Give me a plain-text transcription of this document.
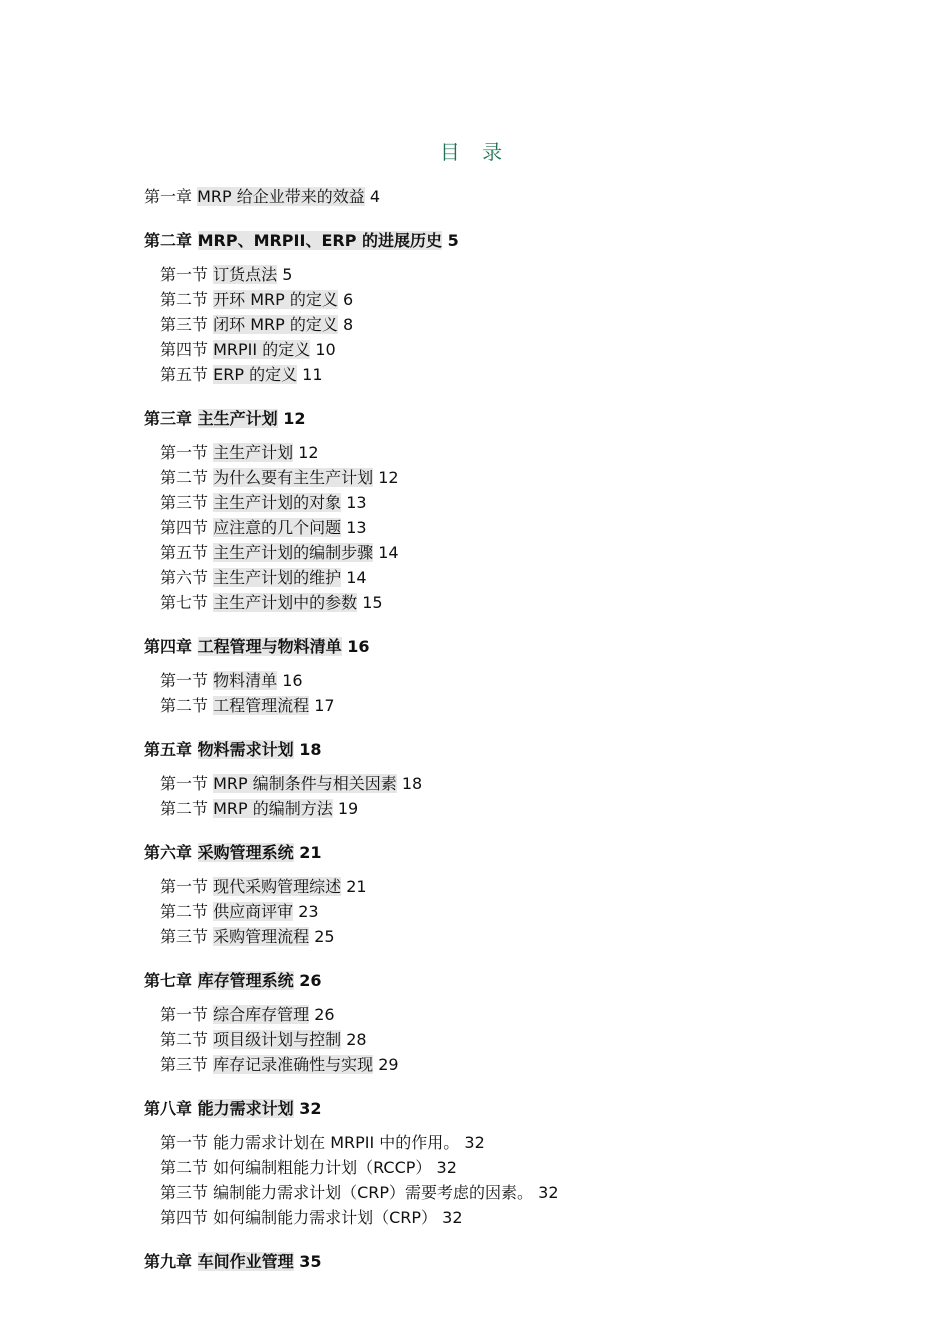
目 录
第一章 MRP 给企业带来的效益 4
第二章 MRP、MRPII、ERP 的进展历史 5
第一节 订货点法 5
第二节 开环 MRP 的定义 6
第三节 闭环 MRP 的定义 8
第四节 MRPII 的定义 10
第五节 ERP 的定义 11
第三章 主生产计划 12
第一节 主生产计划 12
第二节 为什么要有主生产计划 12
第三节 主生产计划的对象 13
第四节 应注意的几个问题 13
第五节 主生产计划的编制步骤 14
第六节 主生产计划的维护 14
第七节 主生产计划中的参数 15
第四章 工程管理与物料清单 16
第一节 物料清单 16
第二节 工程管理流程 17
第五章 物料需求计划 18
第一节 MRP 编制条件与相关因素 18
第二节 MRP 的编制方法 19
第六章 采购管理系统 21
第一节 现代采购管理综述 21
第二节 供应商评审 23
第三节 采购管理流程 25
第七章 库存管理系统 26
第一节 综合库存管理 26
第二节 项目级计划与控制 28
第三节 库存记录准确性与实现 29
第八章 能力需求计划 32
第一节 能力需求计划在 MRPII 中的作用。 32
第二节 如何编制粗能力计划（RCCP） 32
第三节 编制能力需求计划（CRP）需要考虑的因素。 32
第四节 如何编制能力需求计划（CRP） 32
第九章 车间作业管理 35
